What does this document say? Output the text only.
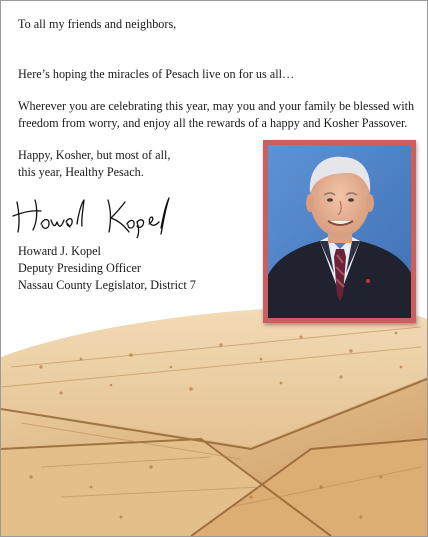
To all my friends and neighbors,

Here’s hoping the miracles of Pesach live on for us all…

Wherever you are celebrating this year, may you and your family be blessed with
freedom from worry, and enjoy all the rewards of a happy and Kosher Passover.

Happy, Kosher, but most of all,
this year, Healthy Pesach.

Howard J. Kopel
Deputy Presiding Officer
Nassau County Legislator, District 7
